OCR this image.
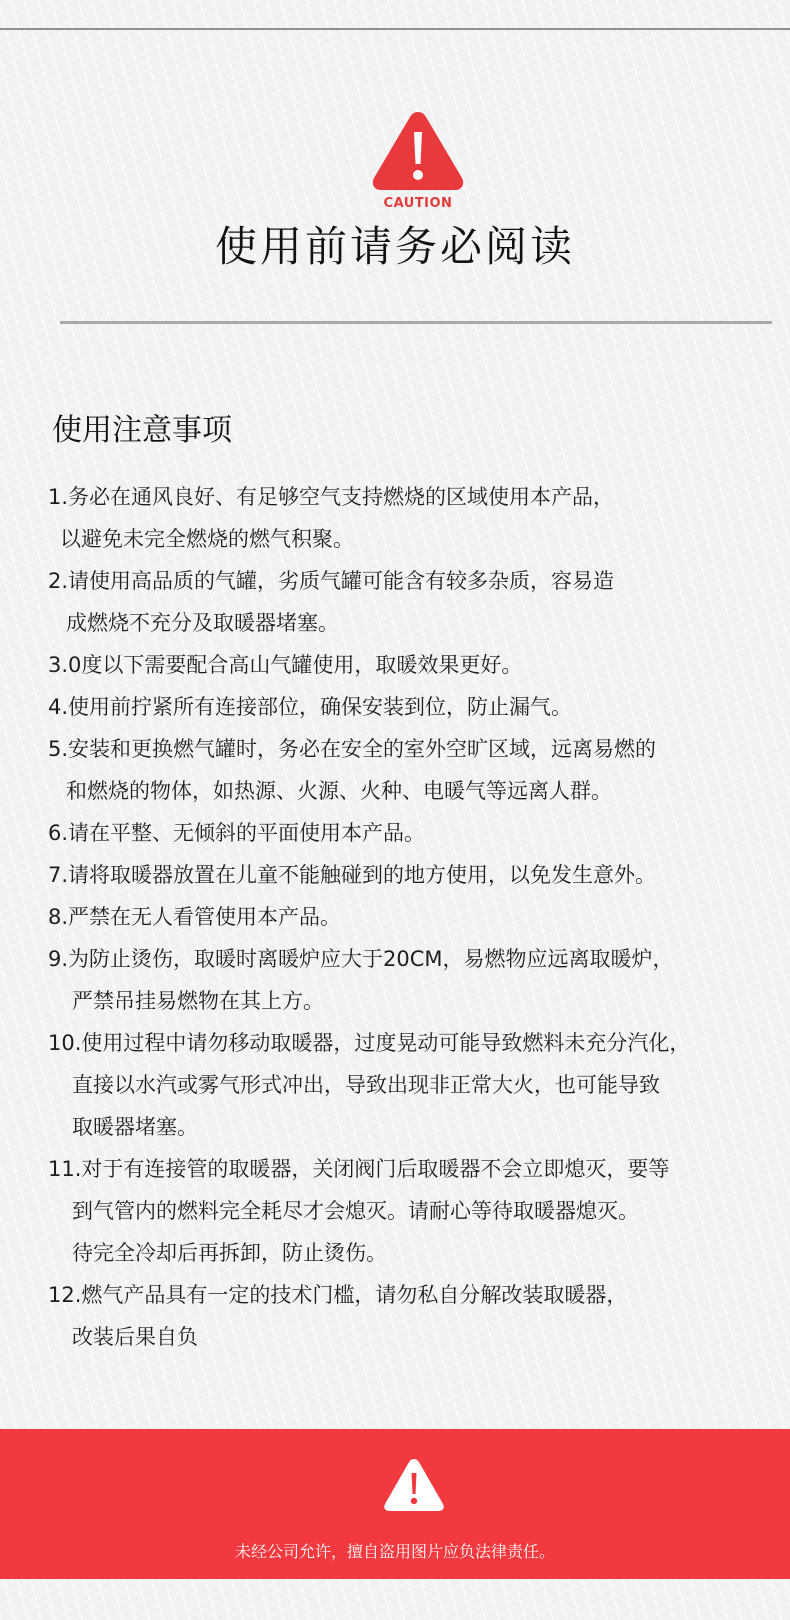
CAUTION
使用前请务必阅读
使用注意事项
1.务必在通风良好、有足够空气支持燃烧的区域使用本产品，
以避免未完全燃烧的燃气积聚。
2.请使用高品质的气罐，劣质气罐可能含有较多杂质，容易造
成燃烧不充分及取暖器堵塞。
3.0度以下需要配合高山气罐使用，取暖效果更好。
4.使用前拧紧所有连接部位，确保安装到位，防止漏气。
5.安装和更换燃气罐时，务必在安全的室外空旷区域，远离易燃的
和燃烧的物体，如热源、火源、火种、电暖气等远离人群。
6.请在平整、无倾斜的平面使用本产品。
7.请将取暖器放置在儿童不能触碰到的地方使用，以免发生意外。
8.严禁在无人看管使用本产品。
9.为防止烫伤，取暖时离暖炉应大于20CM，易燃物应远离取暖炉，
严禁吊挂易燃物在其上方。
10.使用过程中请勿移动取暖器，过度晃动可能导致燃料未充分汽化，
直接以水汽或雾气形式冲出，导致出现非正常大火，也可能导致
取暖器堵塞。
11.对于有连接管的取暖器，关闭阀门后取暖器不会立即熄灭，要等
到气管内的燃料完全耗尽才会熄灭。请耐心等待取暖器熄灭。
待完全冷却后再拆卸，防止烫伤。
12.燃气产品具有一定的技术门槛，请勿私自分解改装取暖器，
改装后果自负
未经公司允许，擅自盗用图片应负法律责任。
